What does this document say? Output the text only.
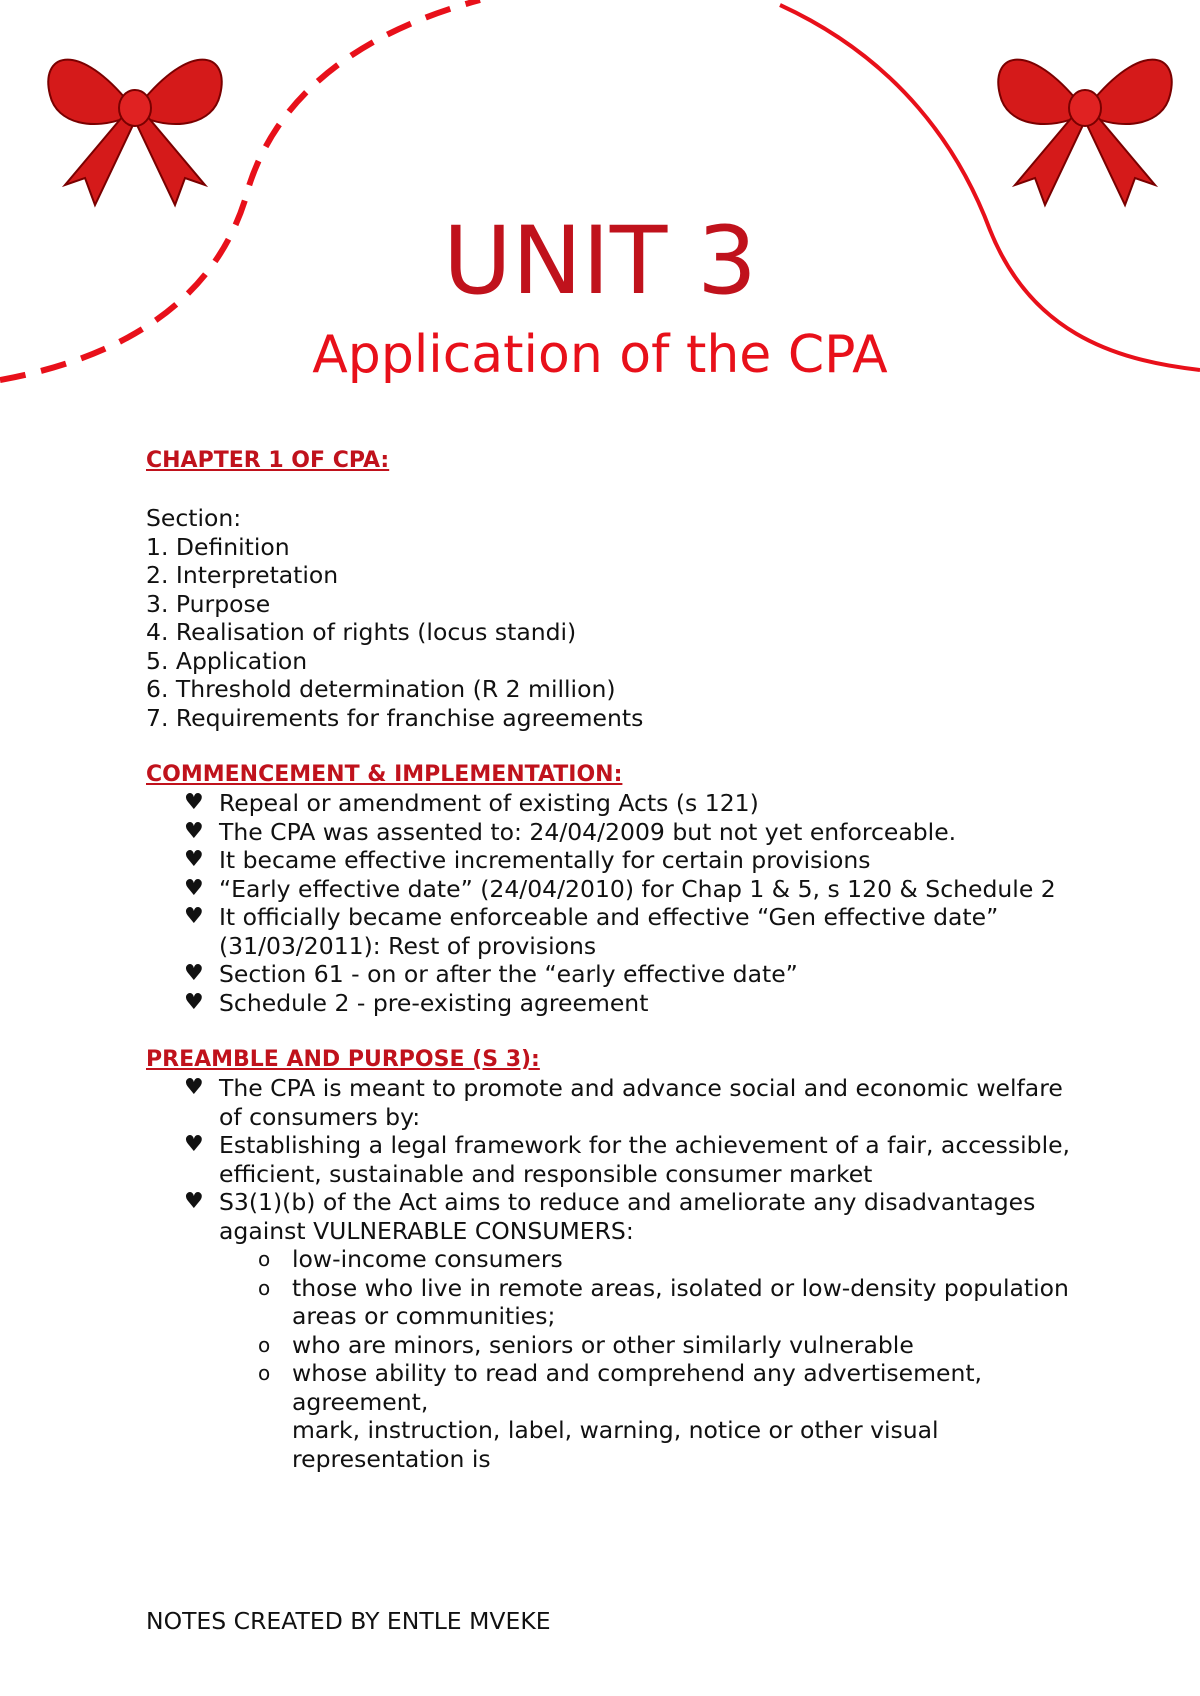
UNIT 3
Application of the CPA
CHAPTER 1 OF CPA:
Section:
1. Definition
2. Interpretation
3. Purpose
4. Realisation of rights (locus standi)
5. Application
6. Threshold determination (R 2 million)
7. Requirements for franchise agreements
COMMENCEMENT & IMPLEMENTATION:
♥ Repeal or amendment of existing Acts (s 121)
♥ The CPA was assented to: 24/04/2009 but not yet enforceable.
♥ It became effective incrementally for certain provisions
♥ “Early effective date” (24/04/2010) for Chap 1 & 5, s 120 & Schedule 2
♥ It officially became enforceable and effective “Gen effective date” (31/03/2011): Rest of provisions
♥ Section 61 - on or after the “early effective date”
♥ Schedule 2 - pre-existing agreement
PREAMBLE AND PURPOSE (S 3):
♥ The CPA is meant to promote and advance social and economic welfare of consumers by:
♥ Establishing a legal framework for the achievement of a fair, accessible,
efficient, sustainable and responsible consumer market
♥ S3(1)(b) of the Act aims to reduce and ameliorate any disadvantages against VULNERABLE CONSUMERS:
o low-income consumers
o those who live in remote areas, isolated or low-density population areas or communities;
o who are minors, seniors or other similarly vulnerable
o whose ability to read and comprehend any advertisement, agreement,
mark, instruction, label, warning, notice or other visual representation is
NOTES CREATED BY ENTLE MVEKE
